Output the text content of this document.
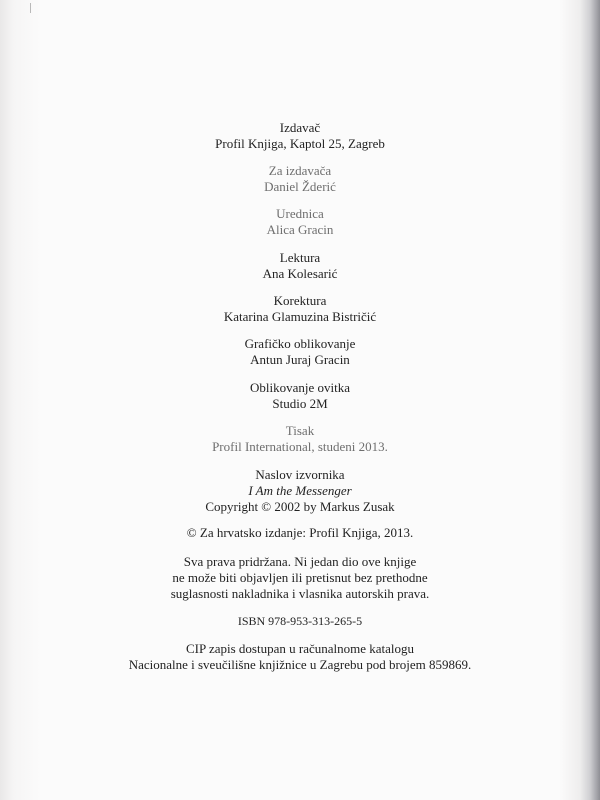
Izdavač
Profil Knjiga, Kaptol 25, Zagreb
Za izdavača
Daniel Žderić
Urednica
Alica Gracin
Lektura
Ana Kolesarić
Korektura
Katarina Glamuzina Bistričić
Grafičko oblikovanje
Antun Juraj Gracin
Oblikovanje ovitka
Studio 2M
Tisak
Profil International, studeni 2013.
Naslov izvornika
I Am the Messenger
Copyright © 2002 by Markus Zusak
© Za hrvatsko izdanje: Profil Knjiga, 2013.
Sva prava pridržana. Ni jedan dio ove knjige
ne može biti objavljen ili pretisnut bez prethodne
suglasnosti nakladnika i vlasnika autorskih prava.
ISBN 978-953-313-265-5
CIP zapis dostupan u računalnome katalogu
Nacionalne i sveučilišne knjižnice u Zagrebu pod brojem 859869.
